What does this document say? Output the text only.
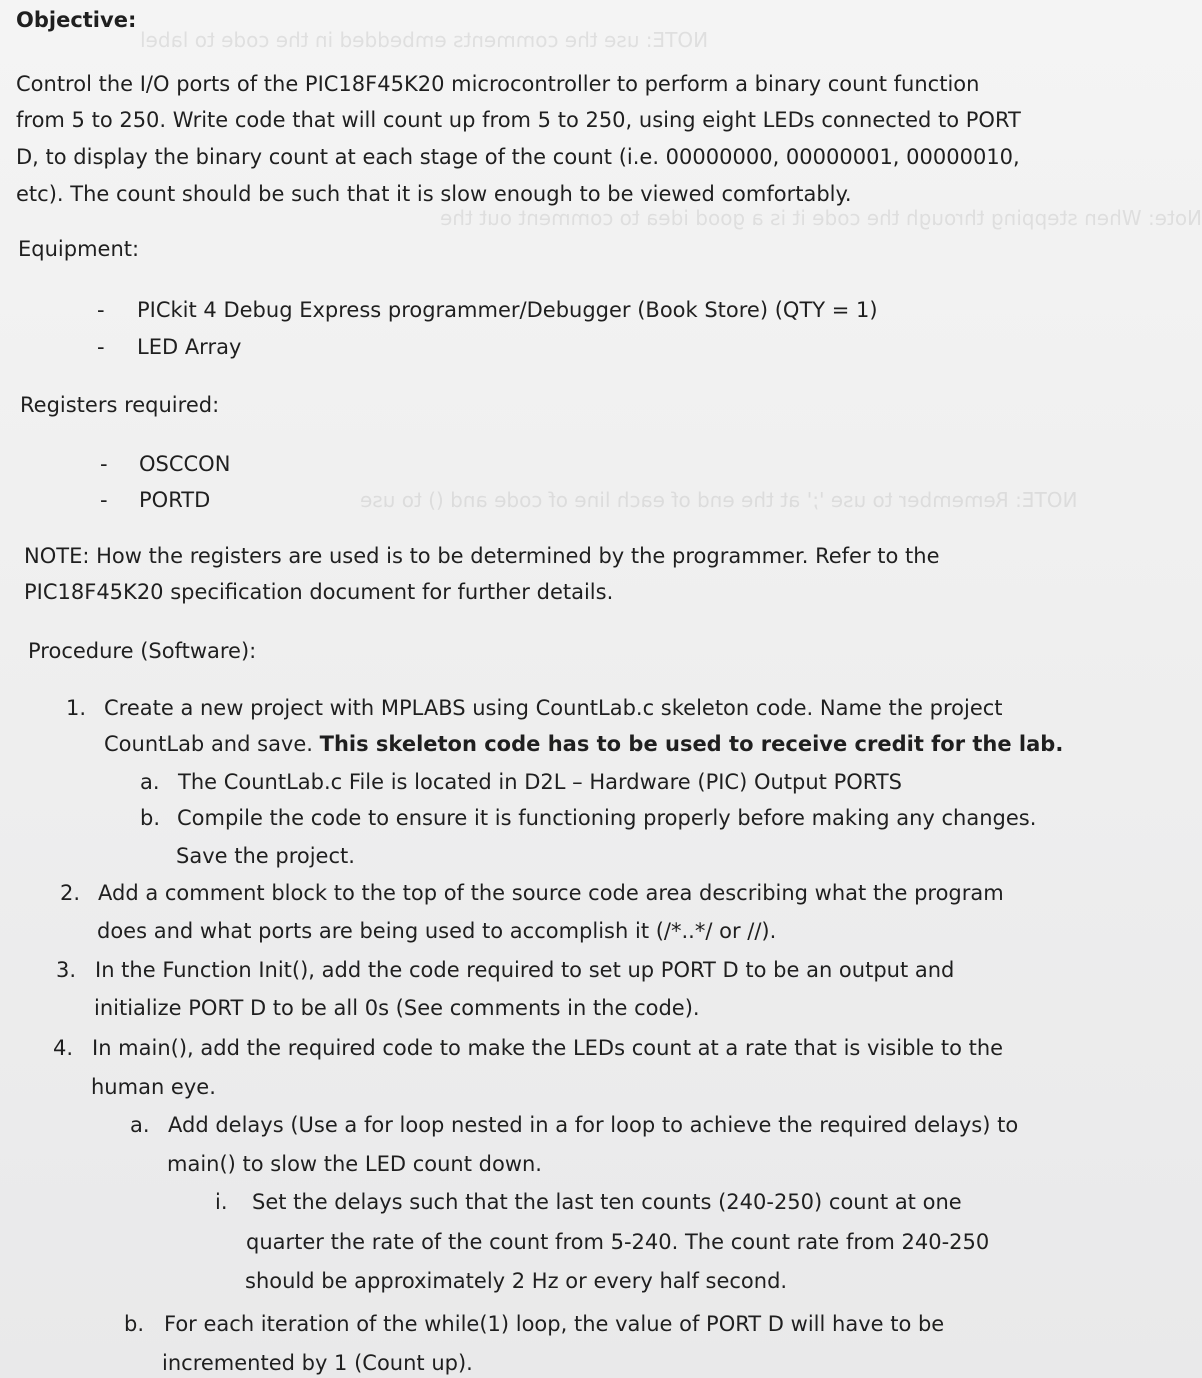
NOTE: use the comments embedded in the code to label
Note: When stepping through the code it is a good idea to comment out the
NOTE: Remember to use ';' at the end of each line of code and () to use
Objective:
Control the I/O ports of the PIC18F45K20 microcontroller to perform a binary count function
from 5 to 250. Write code that will count up from 5 to 250, using eight LEDs connected to PORT
D, to display the binary count at each stage of the count (i.e. 00000000, 00000001, 00000010,
etc). The count should be such that it is slow enough to be viewed comfortably.
Equipment:
- PICkit 4 Debug Express programmer/Debugger (Book Store) (QTY = 1)
- LED Array
Registers required:
- OSCCON
- PORTD
NOTE: How the registers are used is to be determined by the programmer. Refer to the
PIC18F45K20 specification document for further details.
Procedure (Software):
1. Create a new project with MPLABS using CountLab.c skeleton code. Name the project
CountLab and save. This skeleton code has to be used to receive credit for the lab.
a. The CountLab.c File is located in D2L – Hardware (PIC) Output PORTS
b. Compile the code to ensure it is functioning properly before making any changes.
Save the project.
2. Add a comment block to the top of the source code area describing what the program
does and what ports are being used to accomplish it (/*..*/ or //).
3. In the Function Init(), add the code required to set up PORT D to be an output and
initialize PORT D to be all 0s (See comments in the code).
4. In main(), add the required code to make the LEDs count at a rate that is visible to the
human eye.
a. Add delays (Use a for loop nested in a for loop to achieve the required delays) to
main() to slow the LED count down.
i. Set the delays such that the last ten counts (240-250) count at one
quarter the rate of the count from 5-240. The count rate from 240-250
should be approximately 2 Hz or every half second.
b. For each iteration of the while(1) loop, the value of PORT D will have to be
incremented by 1 (Count up).
